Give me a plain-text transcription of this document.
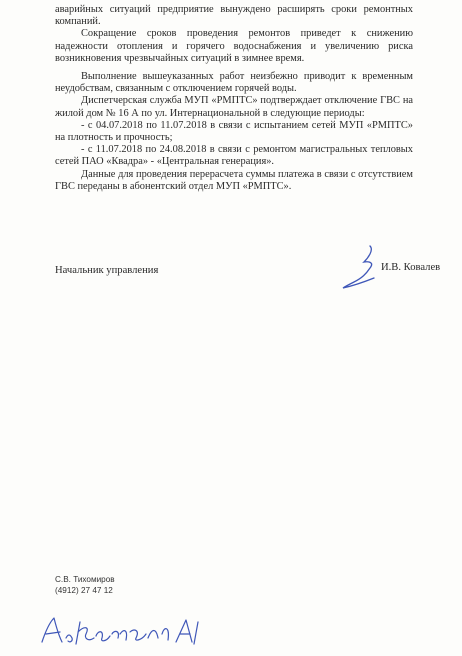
аварийных ситуаций предприятие вынуждено расширять сроки ремонтных компаний.

Сокращение сроков проведения ремонтов приведет к снижению надежности отопления и горячего водоснабжения и увеличению риска возникновения чрезвычайных ситуаций в зимнее время.

Выполнение вышеуказанных работ неизбежно приводит к временным неудобствам, связанным с отключением горячей воды.

Диспетчерская служба МУП «РМПТС» подтверждает отключение ГВС на жилой дом № 16 А по ул. Интернациональной в следующие периоды:

- с 04.07.2018 по 11.07.2018 в связи с испытанием сетей МУП «РМПТС» на плотность и прочность;

- с 11.07.2018 по 24.08.2018 в связи с ремонтом магистральных тепловых сетей ПАО «Квадра» - «Центральная генерация».

Данные для проведения перерасчета суммы платежа в связи с отсутствием ГВС переданы в абонентский отдел МУП «РМПТС».

Начальник управления	И.В. Ковалев
С.В. Тихомиров
(4912) 27 47 12
